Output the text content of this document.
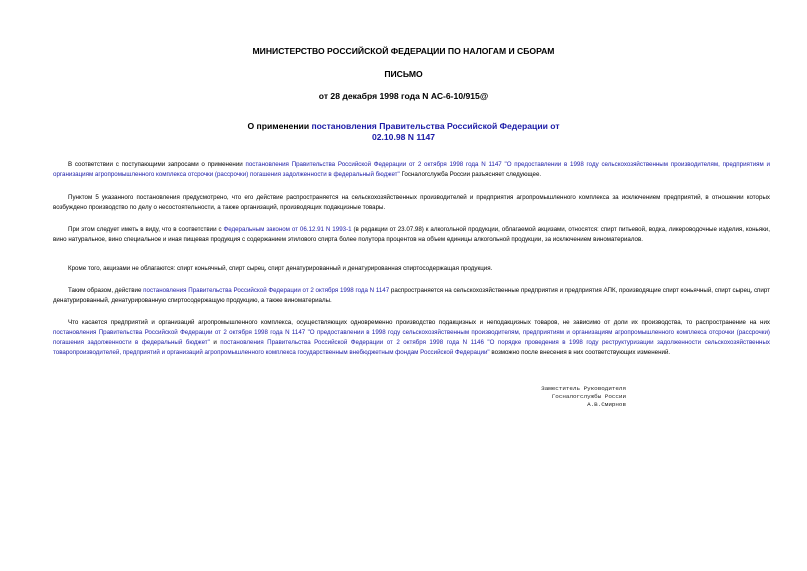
МИНИСТЕРСТВО РОССИЙСКОЙ ФЕДЕРАЦИИ ПО НАЛОГАМ И СБОРАМ
ПИСЬМО
от 28 декабря 1998 года N АС-6-10/915@
О применении постановления Правительства Российской Федерации от 02.10.98 N 1147
В соответствии с поступающими запросами о применении постановления Правительства Российской Федерации от 2 октября 1998 года N 1147 "О предоставлении в 1998 году сельскохозяйственным производителям, предприятиям и организациям агропромышленного комплекса отсрочки (рассрочки) погашения задолженности в федеральный бюджет" Госналогслужба России разъясняет следующее.
Пунктом 5 указанного постановления предусмотрено, что его действие распространяется на сельскохозяйственных производителей и предприятия агропромышленного комплекса за исключением предприятий, в отношении которых возбуждено производство по делу о несостоятельности, а также организаций, производящих подакцизные товары.
При этом следует иметь в виду, что в соответствии с Федеральным законом от 06.12.91 N 1993-1 (в редакции от 23.07.98) к алкогольной продукции, облагаемой акцизами, относятся: спирт питьевой, водка, ликероводочные изделия, коньяки, вино натуральное, вино специальное и иная пищевая продукция с содержанием этилового спирта более полутора процентов на объем единицы алкогольной продукции, за исключением виноматериалов.
Кроме того, акцизами не облагаются: спирт коньячный, спирт сырец, спирт денатурированный и денатурированная спиртосодержащая продукция.
Таким образом, действие постановления Правительства Российской Федерации от 2 октября 1998 года N 1147 распространяется на сельскохозяйственные предприятия и предприятия АПК, производящие спирт коньячный, спирт сырец, спирт денатурированный, денатурированную спиртосодержащую продукцию, а также виноматериалы.
Что касается предприятий и организаций агропромышленного комплекса, осуществляющих одновременно производство подакцизных и неподакцизных товаров, не зависимо от доли их производства, то распространение на них постановления Правительства Российской Федерации от 2 октября 1998 года N 1147 "О предоставлении в 1998 году сельскохозяйственным производителям, предприятиям и организациям агропромышленного комплекса отсрочки (рассрочки) погашения задолженности в федеральный бюджет" и постановления Правительства Российской Федерации от 2 октября 1998 года N 1146 "О порядке проведения в 1998 году реструктуризации задолженности сельскохозяйственных товаропроизводителей, предприятий и организаций агропромышленного комплекса государственным внебюджетным фондам Российской Федерации" возможно после внесения в них соответствующих изменений.
Заместитель Руководителя
Госналогслужбы России
А.В.Смирнов
